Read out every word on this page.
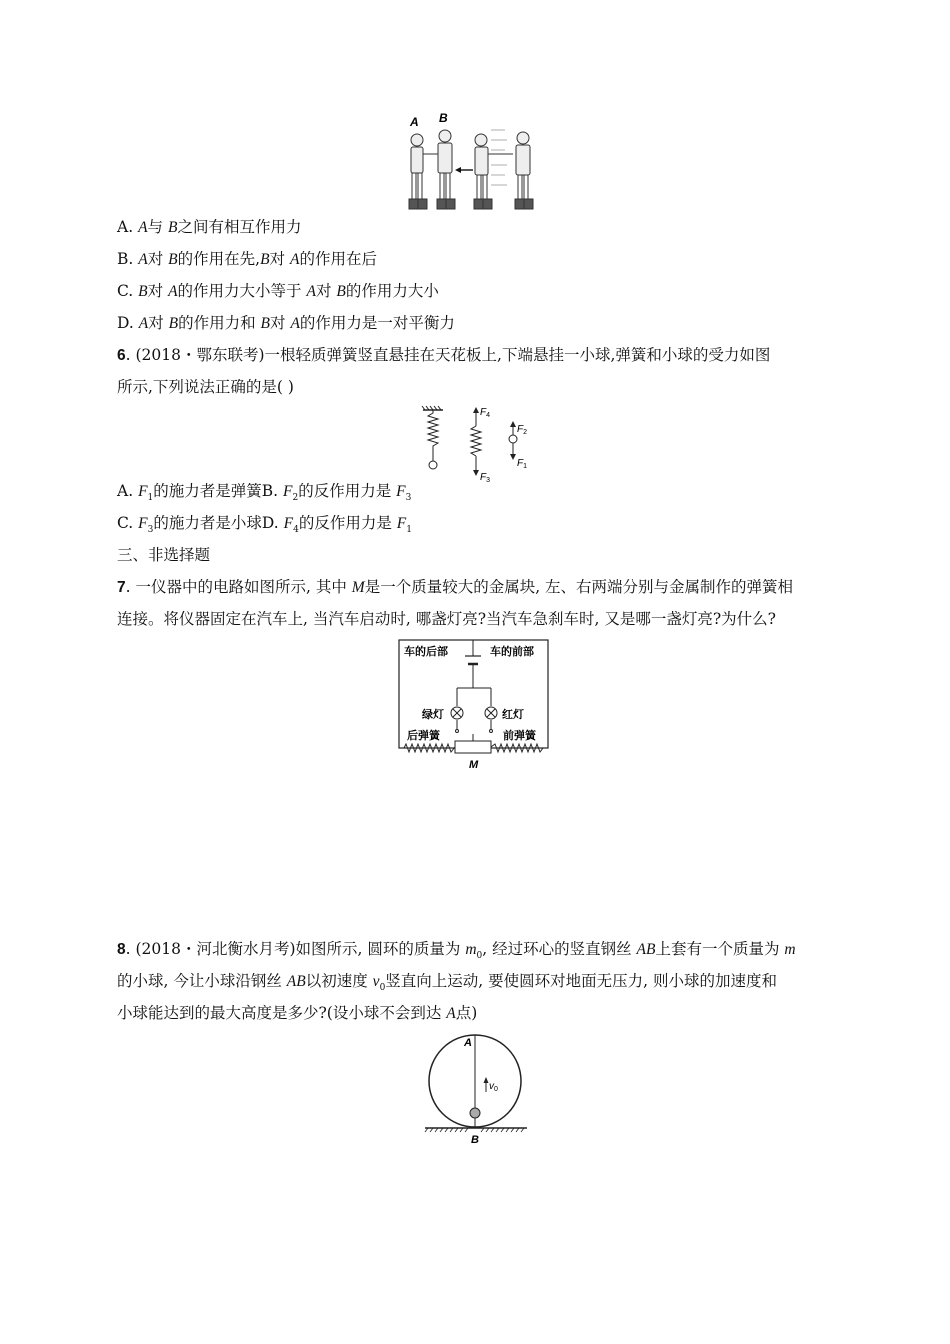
A B
A. A与 B之间有相互作用力
B. A对 B的作用在先,B对 A的作用在后
C. B对 A的作用力大小等于 A对 B的作用力大小
D. A对 B的作用力和 B对 A的作用力是一对平衡力
6. (2018・鄂东联考)一根轻质弹簧竖直悬挂在天花板上,下端悬挂一小球,弹簧和小球的受力如图
所示,下列说法正确的是( )
$F_4$
$F_3$
$F_2$
$F_1$
A. $F_1$的施力者是弹簧B. $F_2$的反作用力是 $F_3$
C. $F_3$的施力者是小球D. $F_4$的反作用力是 $F_1$
三、非选择题
7. 一仪器中的电路如图所示, 其中 M是一个质量较大的金属块, 左、右两端分别与金属制作的弹簧相
连接。将仪器固定在汽车上, 当汽车启动时, 哪盏灯亮?当汽车急刹车时, 又是哪一盏灯亮?为什么?
车的后部	车的前部
绿灯	红灯
后弹簧	前弹簧
M
8. (2018・河北衡水月考)如图所示, 圆环的质量为 $m_0$, 经过环心的竖直钢丝 AB上套有一个质量为 m
的小球, 今让小球沿钢丝 AB以初速度 $v_0$竖直向上运动, 要使圆环对地面无压力, 则小球的加速度和
小球能达到的最大高度是多少?(设小球不会到达 A点)
$v_0$
A
B
